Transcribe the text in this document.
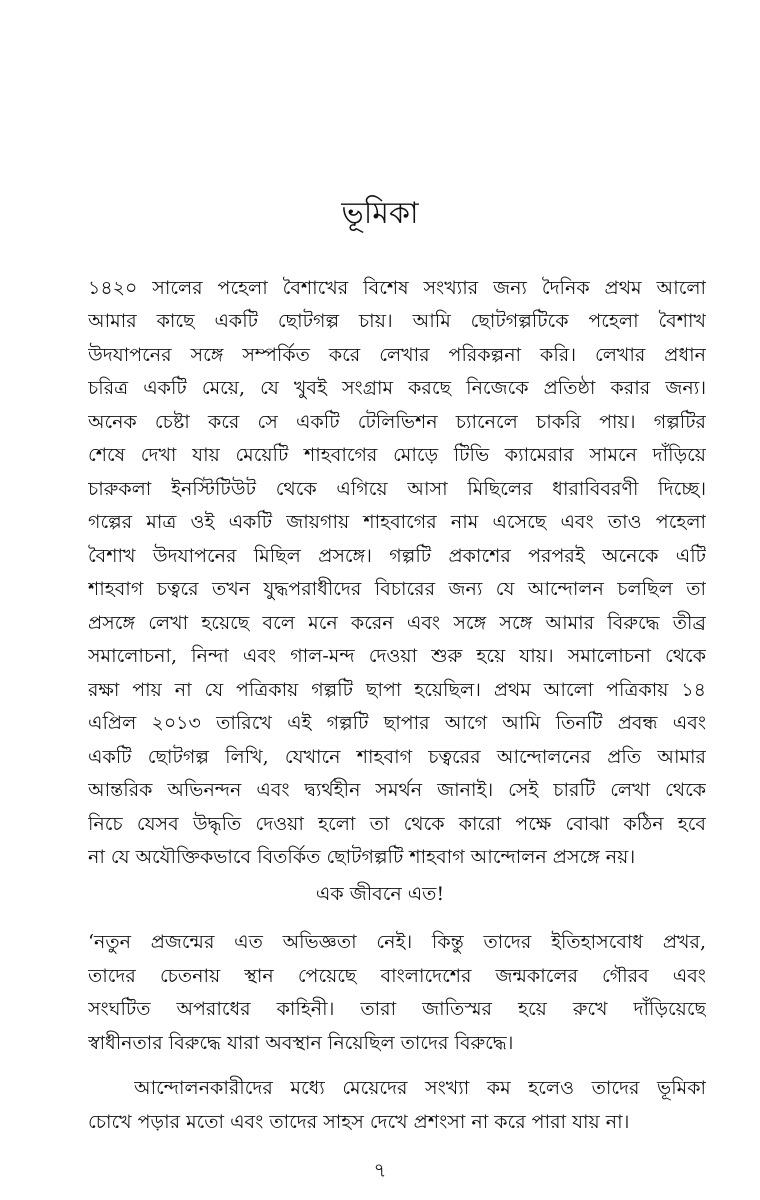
ভূমিকা
১৪২০ সালের পহেলা বৈশাখের বিশেষ সংখ্যার জন্য দৈনিক প্রথম আলো
আমার কাছে একটি ছোটগল্প চায়। আমি ছোটগল্পটিকে পহেলা বৈশাখ
উদযাপনের সঙ্গে সম্পর্কিত করে লেখার পরিকল্পনা করি। লেখার প্রধান
চরিত্র একটি মেয়ে, যে খুবই সংগ্রাম করছে নিজেকে প্রতিষ্ঠা করার জন্য।
অনেক চেষ্টা করে সে একটি টেলিভিশন চ্যানেলে চাকরি পায়। গল্পটির
শেষে দেখা যায় মেয়েটি শাহবাগের মোড়ে টিভি ক্যামেরার সামনে দাঁড়িয়ে
চারুকলা ইনস্টিটিউট থেকে এগিয়ে আসা মিছিলের ধারাবিবরণী দিচ্ছে।
গল্পের মাত্র ওই একটি জায়গায় শাহবাগের নাম এসেছে এবং তাও পহেলা
বৈশাখ উদযাপনের মিছিল প্রসঙ্গে। গল্পটি প্রকাশের পরপরই অনেকে এটি
শাহবাগ চত্বরে তখন যুদ্ধপরাধীদের বিচারের জন্য যে আন্দোলন চলছিল তা
প্রসঙ্গে লেখা হয়েছে বলে মনে করেন এবং সঙ্গে সঙ্গে আমার বিরুদ্ধে তীব্র
সমালোচনা, নিন্দা এবং গাল-মন্দ দেওয়া শুরু হয়ে যায়। সমালোচনা থেকে
রক্ষা পায় না যে পত্রিকায় গল্পটি ছাপা হয়েছিল। প্রথম আলো পত্রিকায় ১৪
এপ্রিল ২০১৩ তারিখে এই গল্পটি ছাপার আগে আমি তিনটি প্রবন্ধ এবং
একটি ছোটগল্প লিখি, যেখানে শাহবাগ চত্বরের আন্দোলনের প্রতি আমার
আন্তরিক অভিনন্দন এবং দ্ব্যর্থহীন সমর্থন জানাই। সেই চারটি লেখা থেকে
নিচে যেসব উদ্ধৃতি দেওয়া হলো তা থেকে কারো পক্ষে বোঝা কঠিন হবে
না যে অযৌক্তিকভাবে বিতর্কিত ছোটগল্পটি শাহবাগ আন্দোলন প্রসঙ্গে নয়।
এক জীবনে এত!
‘নতুন প্রজন্মের এত অভিজ্ঞতা নেই। কিন্তু তাদের ইতিহাসবোধ প্রখর,
তাদের চেতনায় স্থান পেয়েছে বাংলাদেশের জন্মকালের গৌরব এবং
সংঘটিত অপরাধের কাহিনী। তারা জাতিস্মর হয়ে রুখে দাঁড়িয়েছে
স্বাধীনতার বিরুদ্ধে যারা অবস্থান নিয়েছিল তাদের বিরুদ্ধে।
আন্দোলনকারীদের মধ্যে মেয়েদের সংখ্যা কম হলেও তাদের ভূমিকা
চোখে পড়ার মতো এবং তাদের সাহস দেখে প্রশংসা না করে পারা যায় না।
৭
